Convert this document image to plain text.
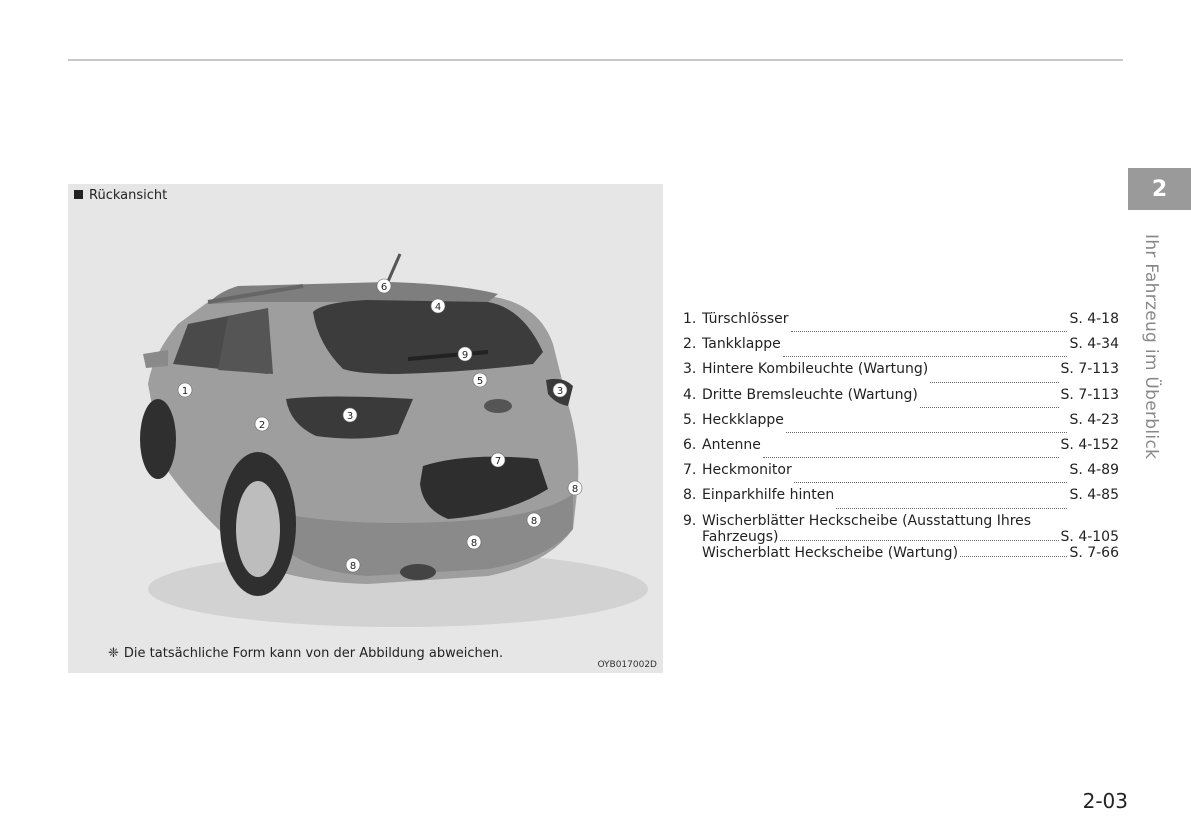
1
2
3
3
4
5
6
7
8
8
8
8
9
Rückansicht
❈ Die tatsächliche Form kann von der Abbildung abweichen.
OYB017002D
1. Türschlösser	S. 4-18
2. Tankklappe	S. 4-34
3. Hintere Kombileuchte (Wartung)	S. 7-113
4. Dritte Bremsleuchte (Wartung)	S. 7-113
5. Heckklappe	S. 4-23
6. Antenne	S. 4-152
7. Heckmonitor	S. 4-89
8. Einparkhilfe hinten	S. 4-85
9. Wischerblätter Heckscheibe (Ausstattung Ihres
Fahrzeugs)	S. 4-105
Wischerblatt Heckscheibe (Wartung)	S. 7-66
2
Ihr Fahrzeug im Überblick
2-03
